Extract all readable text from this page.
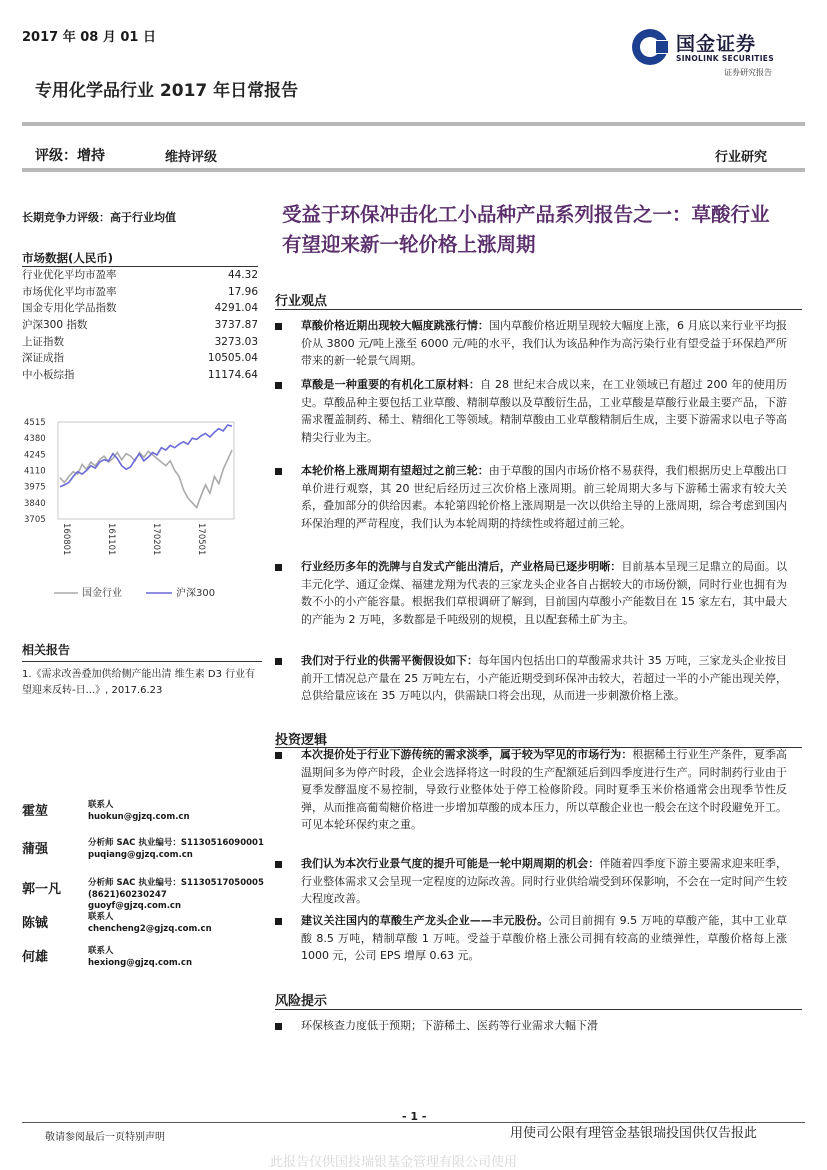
2017 年 08 月 01 日	国金证券
SINOLINK SECURITIES
证券研究报告
专用化学品行业 2017 年日常报告
评级：增持	维持评级	行业研究
长期竞争力评级：高于行业均值
市场数据(人民币)
行业优化平均市盈率	44.32
市场优化平均市盈率	17.96
国金专用化学品指数	4291.04
沪深300 指数	3737.87
上证指数	3273.03
深证成指	10505.04
中小板综指	11174.64
4515
4380
4245
4110
3975
3840
3705
160801	161101	170201	170501
国金行业	沪深300
相关报告
1.《需求改善叠加供给侧产能出清 维生素 D3 行业有望迎来反转-日...》, 2017.6.23
霍堃	联系人
huokun@gjzq.com.cn
蒲强	分析师 SAC 执业编号：S1130516090001
puqiang@gjzq.com.cn
郭一凡	分析师 SAC 执业编号：S1130517050005
(8621)60230247
guoyf@gjzq.com.cn
陈铖	联系人
chencheng2@gjzq.com.cn
何雄	联系人
hexiong@gjzq.com.cn
受益于环保冲击化工小品种产品系列报告之一：草酸行业有望迎来新一轮价格上涨周期
行业观点

草酸价格近期出现较大幅度跳涨行情：国内草酸价格近期呈现较大幅度上涨，6 月底以来行业平均报价从 3800 元/吨上涨至 6000 元/吨的水平，我们认为该品种作为高污染行业有望受益于环保趋严所带来的新一轮景气周期。

草酸是一种重要的有机化工原材料：自 28 世纪末合成以来，在工业领域已有超过 200 年的使用历史。草酸品种主要包括工业草酸、精制草酸以及草酸衍生品，工业草酸是草酸行业最主要产品，下游需求覆盖制药、稀土、精细化工等领域。精制草酸由工业草酸精制后生成，主要下游需求以电子等高精尖行业为主。

本轮价格上涨周期有望超过之前三轮：由于草酸的国内市场价格不易获得，我们根据历史上草酸出口单价进行观察，其 20 世纪后经历过三次价格上涨周期。前三轮周期大多与下游稀土需求有较大关系，叠加部分的供给因素。本轮第四轮价格上涨周期是一次以供给主导的上涨周期，综合考虑到国内环保治理的严苛程度，我们认为本轮周期的持续性或将超过前三轮。

行业经历多年的洗牌与自发式产能出清后，产业格局已逐步明晰：目前基本呈现三足鼎立的局面。以丰元化学、通辽金煤、福建龙翔为代表的三家龙头企业各自占据较大的市场份额，同时行业也拥有为数不小的小产能容量。根据我们草根调研了解到，目前国内草酸小产能数目在 15 家左右，其中最大的产能为 2 万吨，多数都是千吨级别的规模，且以配套稀土矿为主。

我们对于行业的供需平衡假设如下：每年国内包括出口的草酸需求共计 35 万吨，三家龙头企业按目前开工情况总产量在 25 万吨左右，小产能近期受到环保冲击较大，若超过一半的小产能出现关停，总供给量应该在 35 万吨以内，供需缺口将会出现，从而进一步刺激价格上涨。

投资逻辑

本次提价处于行业下游传统的需求淡季，属于较为罕见的市场行为：根据稀土行业生产条件，夏季高温期间多为停产时段，企业会选择将这一时段的生产配额延后到四季度进行生产。同时制药行业由于夏季发酵温度不易控制，导致行业整体处于停工检修阶段。同时夏季玉米价格通常会出现季节性反弹，从而推高葡萄糖价格进一步增加草酸的成本压力，所以草酸企业也一般会在这个时段避免开工。可见本轮环保约束之重。

我们认为本次行业景气度的提升可能是一轮中期周期的机会：伴随着四季度下游主要需求迎来旺季，行业整体需求又会呈现一定程度的边际改善。同时行业供给端受到环保影响，不会在一定时间产生较大程度改善。

建议关注国内的草酸生产龙头企业——丰元股份。公司目前拥有 9.5 万吨的草酸产能，其中工业草酸 8.5 万吨，精制草酸 1 万吨。受益于草酸价格上涨公司拥有较高的业绩弹性，草酸价格每上涨 1000 元，公司 EPS 增厚 0.63 元。

风险提示

环保核查力度低于预期；下游稀土、医药等行业需求大幅下滑

- 1 -
敬请参阅最后一页特别声明	用使司公限有理管金基银瑞投国供仅告报此
此报告仅供国投瑞银基金管理有限公司使用
